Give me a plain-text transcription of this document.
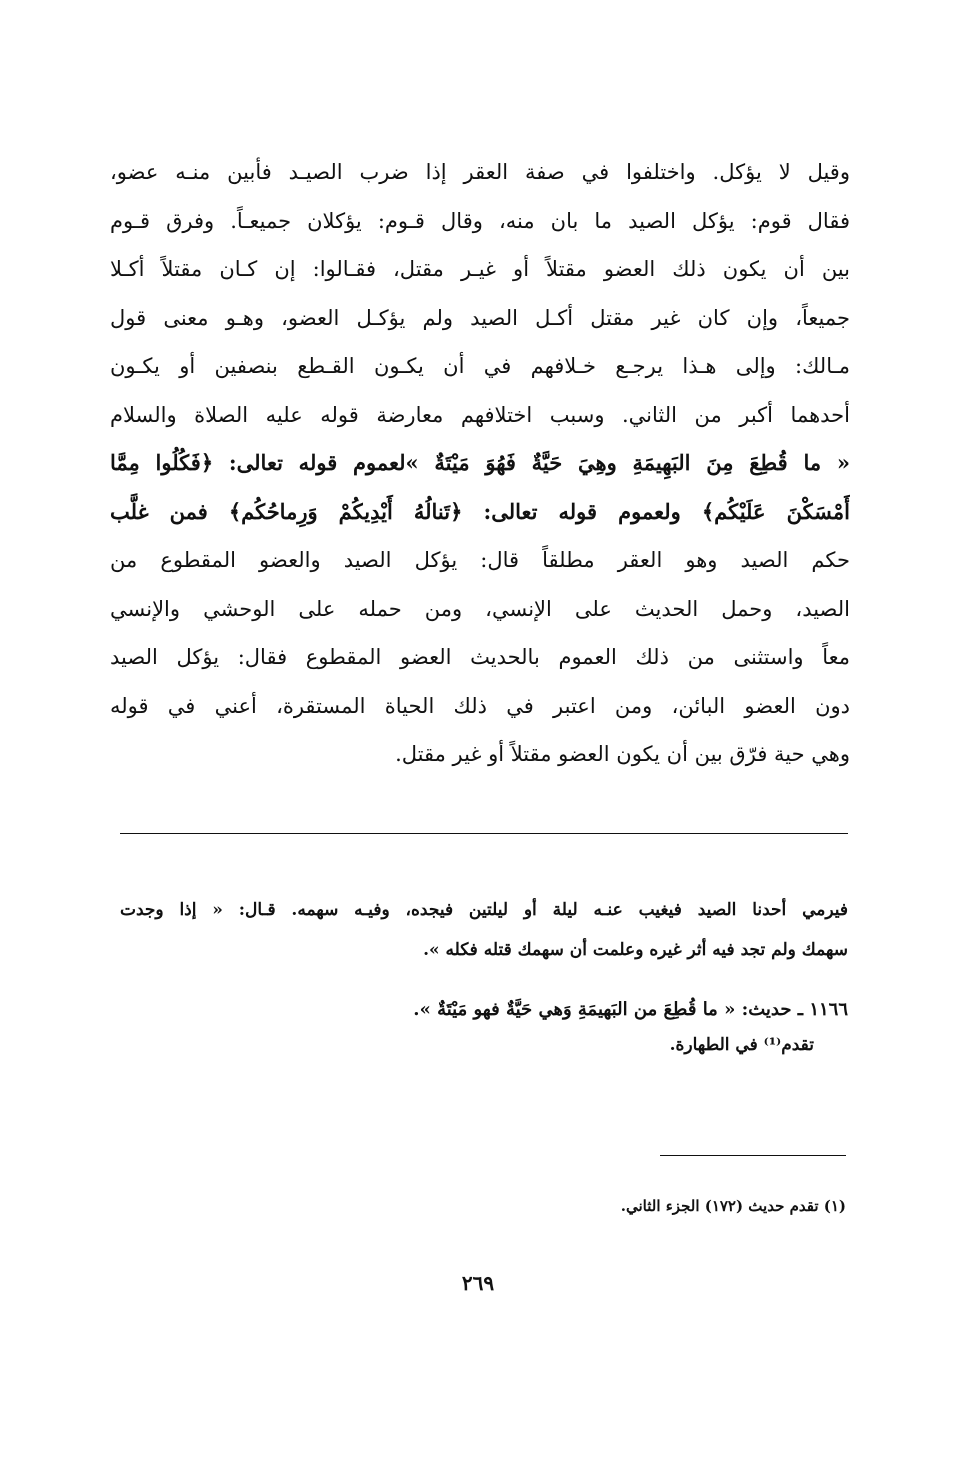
وقيل لا يؤكل. واختلفوا في صفة العقر إذا ضرب الصيـد فأبين منـه عضو،
فقال قوم: يؤكل الصيد ما بان منه، وقال قـوم: يؤكلان جميعـاً. وفرق قـوم
بين أن يكون ذلك العضو مقتلاً أو غيـر مقتل، فقـالوا: إن كـان مقتلاً أكـلا
جميعاً، وإن كان غير مقتل أكـل الصيد ولم يؤكـل العضو، وهـو معنى قول
مـالك: وإلى هـذا يرجـع خـلافهم في أن يكـون القـطع بنصفين أو يكـون
أحدهما أكبر من الثاني. وسبب اختلافهم معارضة قوله عليه الصلاة والسلام
« ما قُطِعَ مِنَ البَهِيمَةِ وهِيَ حَيَّةٌ فَهُوَ مَيْتَةٌ »لعموم قوله تعالى: ﴿فَكُلُوا مِمَّا
أَمْسَكْنَ عَلَيْكُم﴾ ولعموم قوله تعالى: ﴿تَنالُهُ أَيْدِيكُمْ وَرِماحُكُم﴾ فمن غلَّب
حكم الصيد وهو العقر مطلقاً قال: يؤكل الصيد والعضو المقطوع من
الصيد، وحمل الحديث على الإنسي، ومن حمله على الوحشي والإنسي
معاً واستثنى من ذلك العموم بالحديث العضو المقطوع فقال: يؤكل الصيد
دون العضو البائن، ومن اعتبر في ذلك الحياة المستقرة، أعني في قوله
وهي حية فرّق بين أن يكون العضو مقتلاً أو غير مقتل.
فيرمي أحدنا الصيد فيغيب عنـه ليلة أو ليلتين فيجده، وفيـه سهمه. قـال: « إذا وجدت
سهمك ولم تجد فيه أثر غيره وعلمت أن سهمك قتله فكله ».
١١٦٦ ـ حديث: « ما قُطِعَ من البَهيمَةِ وَهي حَيَّةٌ فهو مَيْتَةٌ ».
تقدم⁽¹⁾ في الطهارة.
(١) تقدم حديث (١٧٢) الجزء الثاني.
٢٦٩
